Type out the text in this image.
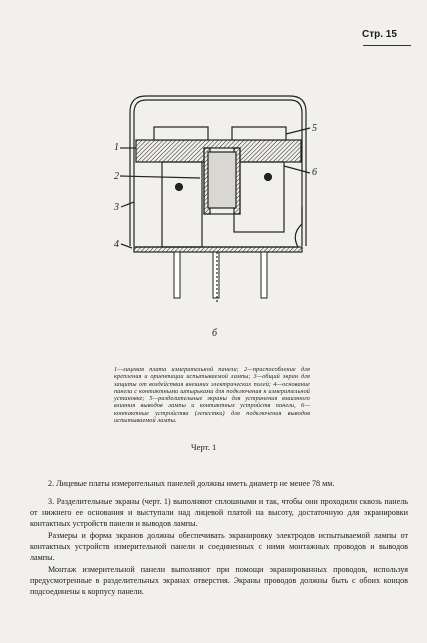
Стр. 15
1
2
3
4
5
6
б
1—лицевая плата измерительной панели; 2—приспособление для крепления и ориентации испытываемой лампы; 3—общий экран для защиты от воздействия внешних электрических полей; 4—основание панели с контактными штырьками для подключения к измерительной установке; 5—разделительные экраны для устранения взаимного влияния выводов лампы и контактных устройств панели, 6—контактные устройства (лепестки) для подключения выводов испытываемой лампы.
Черт. 1

2. Лицевые платы измерительных панелей должны иметь диаметр не менее 78 мм.

3. Разделительные экраны (черт. 1) выполняют сплошными и так, чтобы они проходили сквозь панель от нижнего ее основания и выступали над лицевой платой на высоту, достаточную для экранировки контактных устройств панели и выводов лампы.

Размеры и форма экранов должны обеспечивать экранировку электродов испытываемой лампы от контактных устройств измерительной панели и соединенных с ними монтажных проводов и выводов лампы.

Монтаж измерительной панели выполняют при помощи экранированных проводов, используя предусмотренные в разделительных экранах отверстия. Экраны проводов должны быть с обоих концов подсоединены к корпусу панели.
